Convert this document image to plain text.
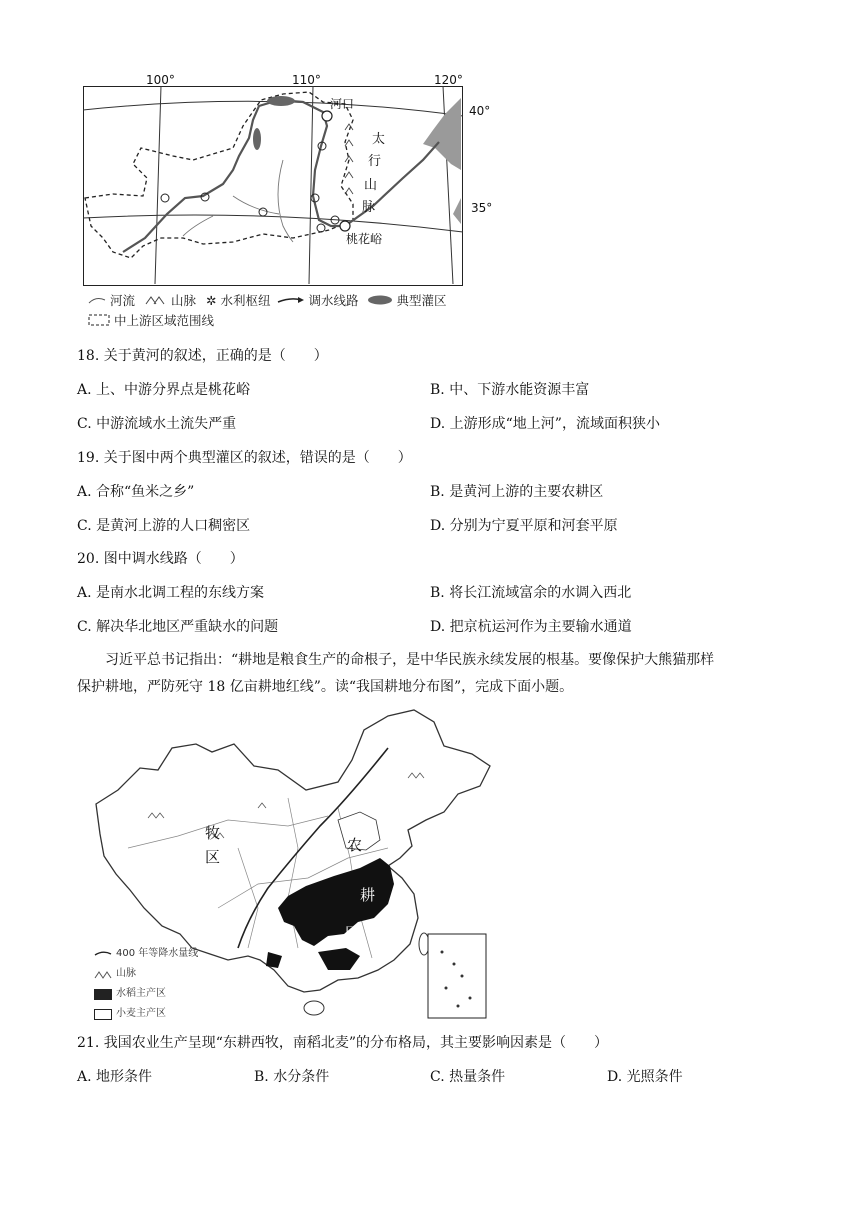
100°	110°	120°
河口
桃花峪
太
行
山
脉
40°
35°
河流	山脉 ✲ 水利枢纽	调水线路	典型灌区
中上游区域范围线
18. 关于黄河的叙述，正确的是（　　）
A. 上、中游分界点是桃花峪	B. 中、下游水能资源丰富
C. 中游流域水土流失严重	D. 上游形成“地上河”，流域面积狭小
19. 关于图中两个典型灌区的叙述，错误的是（　　）
A. 合称“鱼米之乡”	B. 是黄河上游的主要农耕区
C. 是黄河上游的人口稠密区	D. 分别为宁夏平原和河套平原
20. 图中调水线路（　　）
A. 是南水北调工程的东线方案	B. 将长江流域富余的水调入西北
C. 解决华北地区严重缺水的问题	D. 把京杭运河作为主要输水通道
习近平总书记指出：“耕地是粮食生产的命根子，是中华民族永续发展的根基。要像保护大熊猫那样
保护耕地，严防死守 18 亿亩耕地红线”。读“我国耕地分布图”，完成下面小题。
牧
区
农
耕
区
400 年等降水量线
山脉
水稻主产区
小麦主产区
21. 我国农业生产呈现“东耕西牧，南稻北麦”的分布格局，其主要影响因素是（　　）
A. 地形条件	B. 水分条件	C. 热量条件	D. 光照条件
